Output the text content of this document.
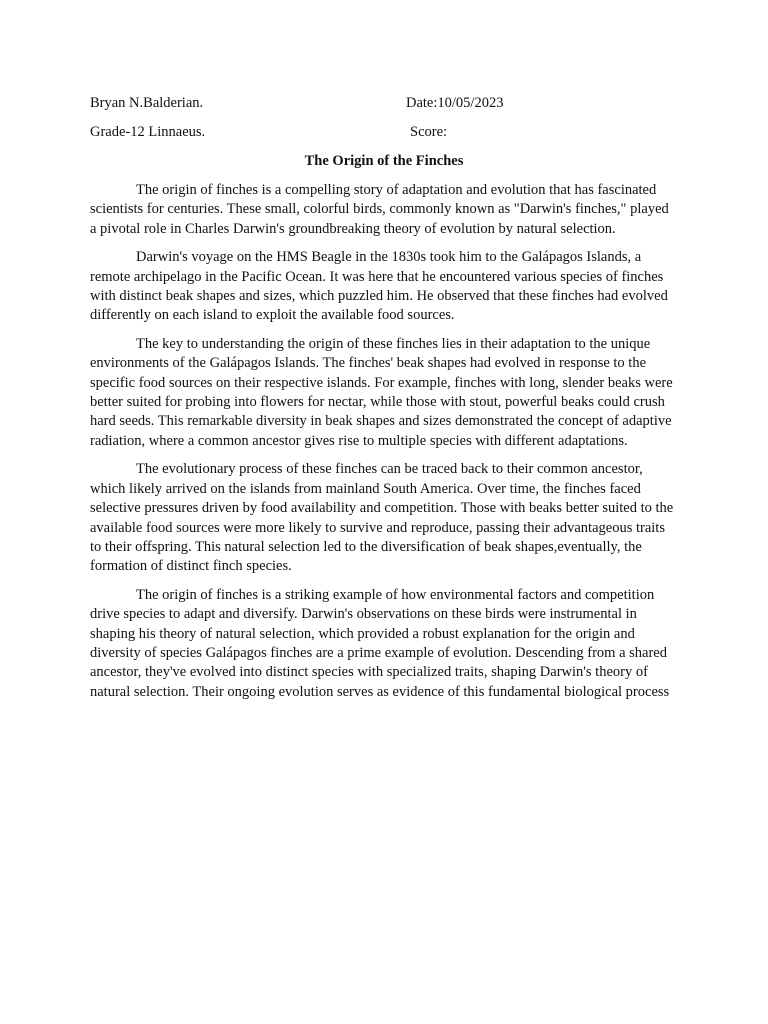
Bryan N.Balderian.	Date:10/05/2023
Grade-12 Linnaeus.	Score:
The Origin of the Finches

The origin of finches is a compelling story of adaptation and evolution that has fascinated scientists for centuries. These small, colorful birds, commonly known as "Darwin's finches," played a pivotal role in Charles Darwin's groundbreaking theory of evolution by natural selection.

Darwin's voyage on the HMS Beagle in the 1830s took him to the Galápagos Islands, a remote archipelago in the Pacific Ocean. It was here that he encountered various species of finches with distinct beak shapes and sizes, which puzzled him. He observed that these finches had evolved differently on each island to exploit the available food sources.

The key to understanding the origin of these finches lies in their adaptation to the unique environments of the Galápagos Islands. The finches' beak shapes had evolved in response to the specific food sources on their respective islands. For example, finches with long, slender beaks were better suited for probing into flowers for nectar, while those with stout, powerful beaks could crush hard seeds. This remarkable diversity in beak shapes and sizes demonstrated the concept of adaptive radiation, where a common ancestor gives rise to multiple species with different adaptations.

The evolutionary process of these finches can be traced back to their common ancestor, which likely arrived on the islands from mainland South America. Over time, the finches faced selective pressures driven by food availability and competition. Those with beaks better suited to the available food sources were more likely to survive and reproduce, passing their advantageous traits to their offspring. This natural selection led to the diversification of beak shapes,eventually, the formation of distinct finch species.

The origin of finches is a striking example of how environmental factors and competition drive species to adapt and diversify. Darwin's observations on these birds were instrumental in shaping his theory of natural selection, which provided a robust explanation for the origin and diversity of species Galápagos finches are a prime example of evolution. Descending from a shared ancestor, they've evolved into distinct species with specialized traits, shaping Darwin's theory of natural selection. Their ongoing evolution serves as evidence of this fundamental biological process
